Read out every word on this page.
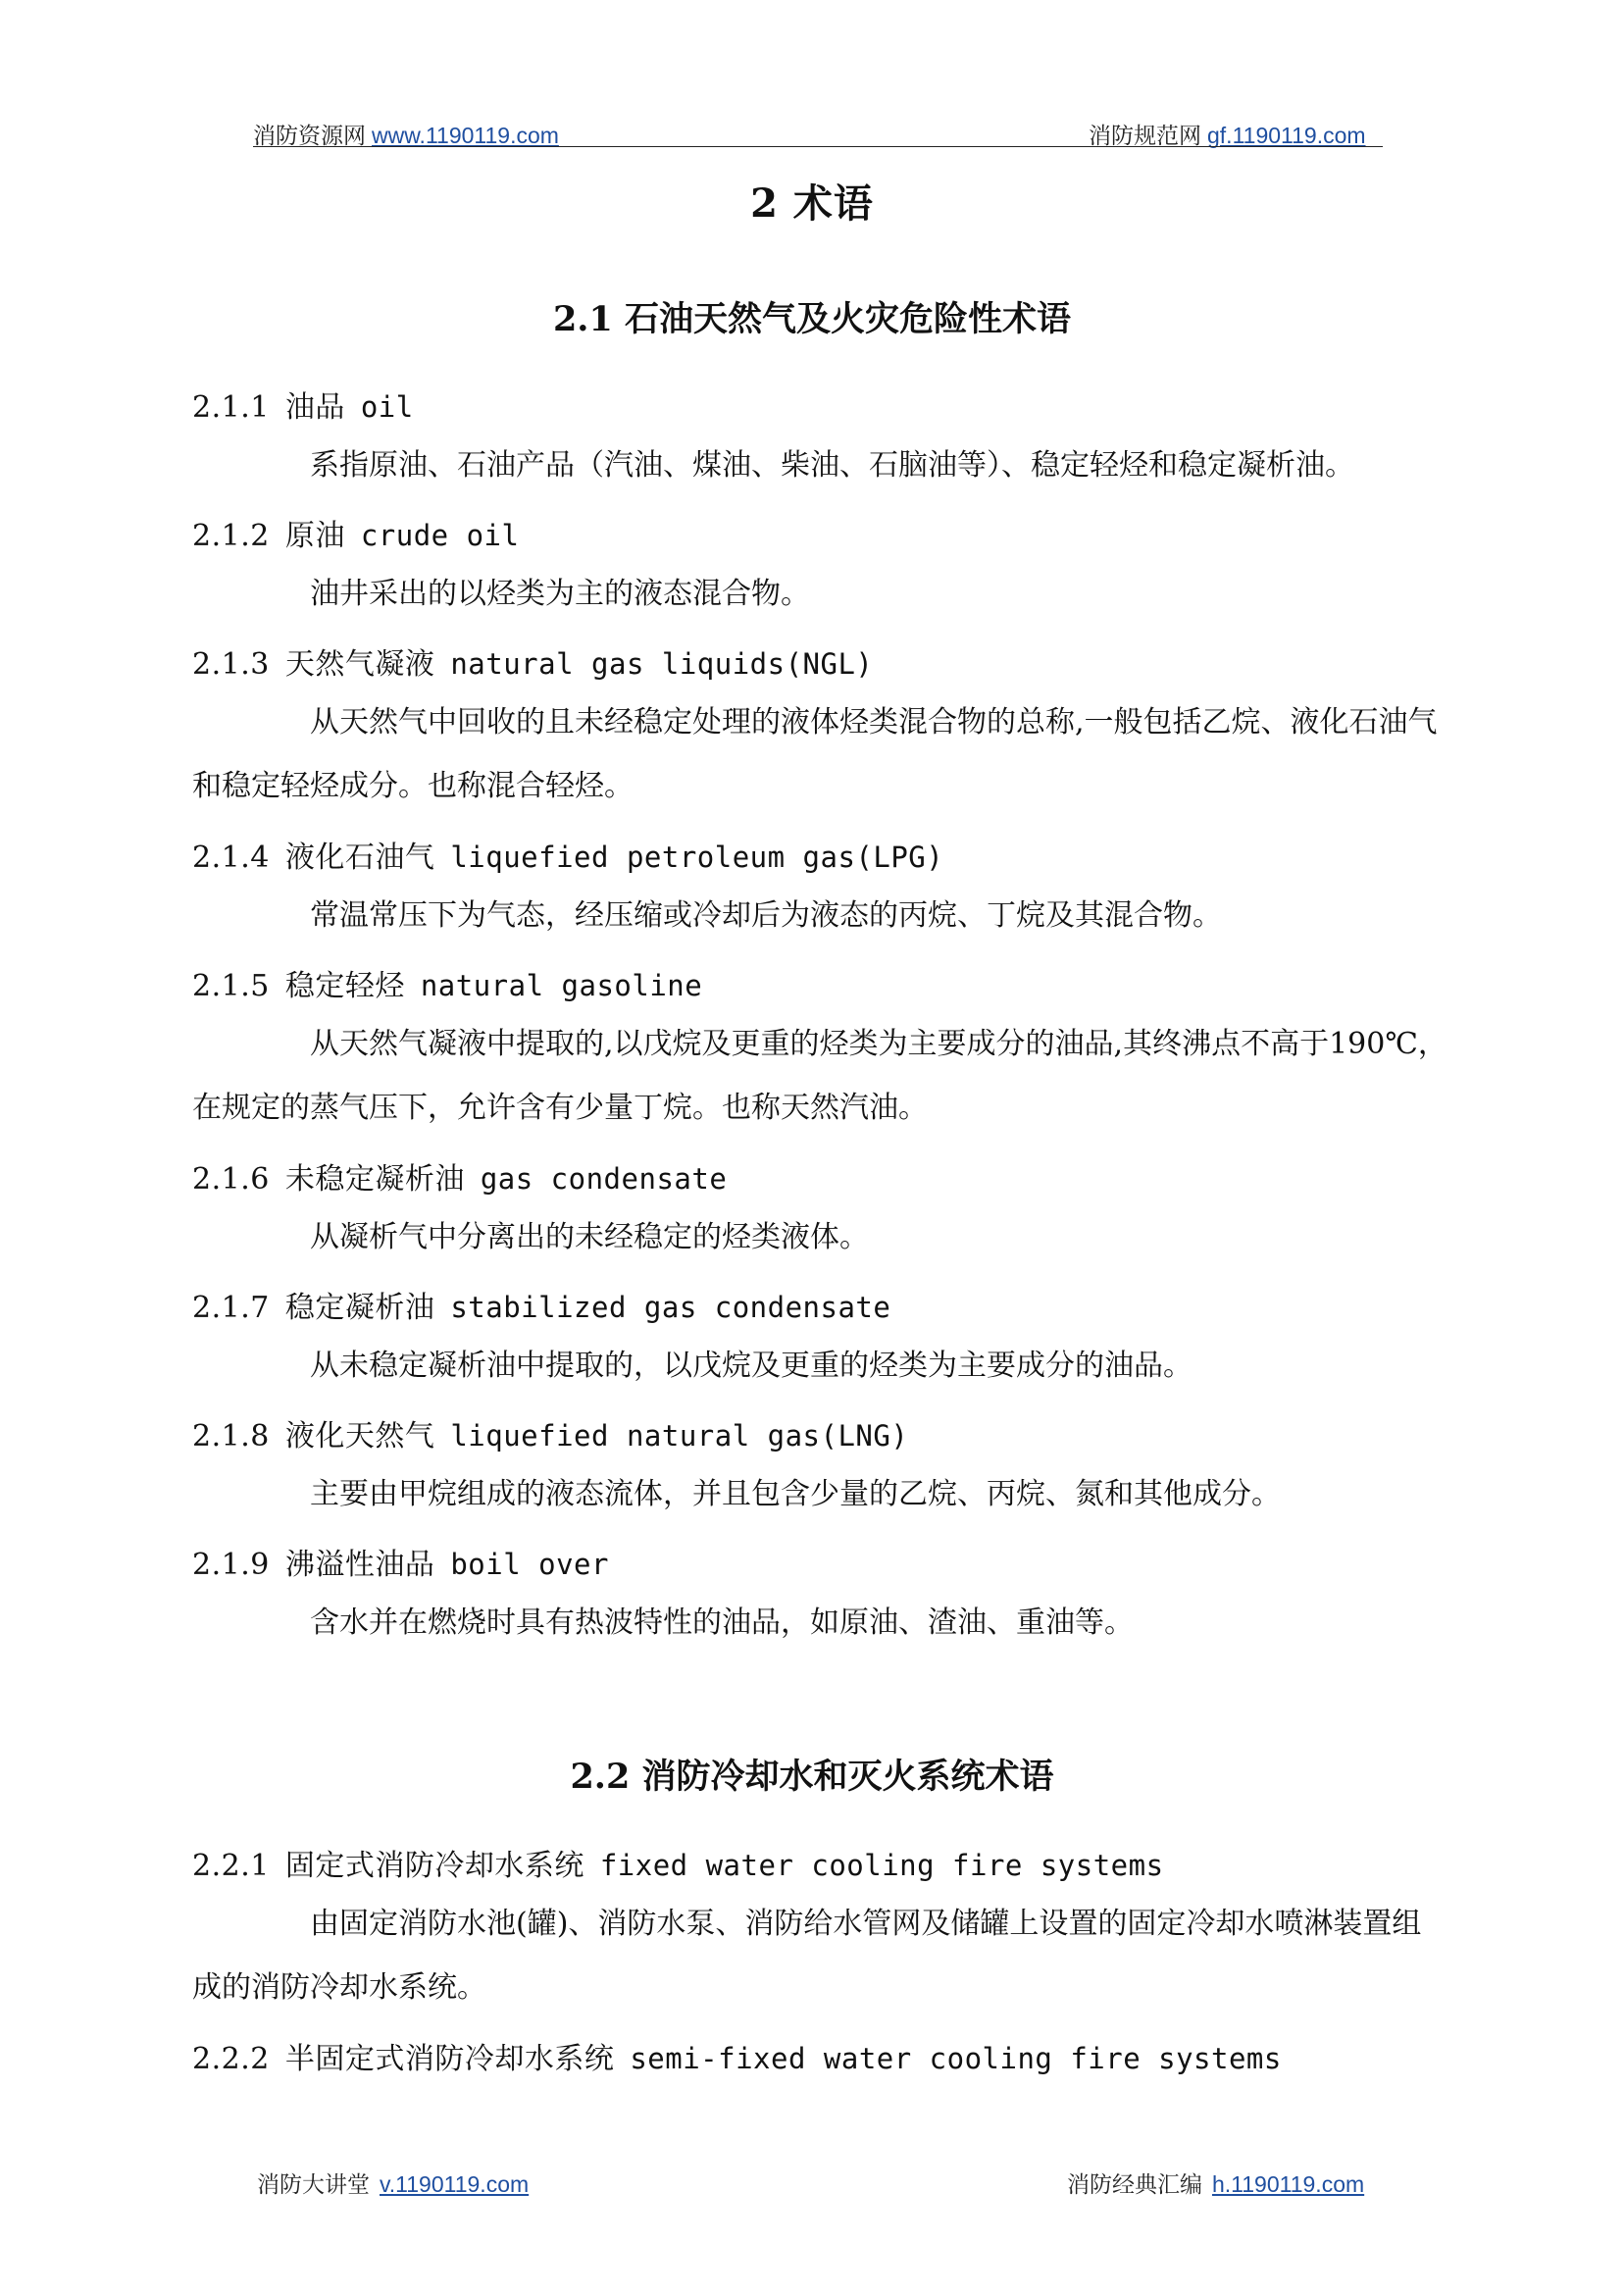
消防资源网 www.1190119.com	消防规范网 gf.1190119.com
2 术语
2.1 石油天然气及火灾危险性术语
2.1.1 油品 oil
系指原油、石油产品（汽油、煤油、柴油、石脑油等）、稳定轻烃和稳定凝析油。
2.1.2 原油 crude oil
油井采出的以烃类为主的液态混合物。
2.1.3 天然气凝液 natural gas liquids(NGL)
从天然气中回收的且未经稳定处理的液体烃类混合物的总称,一般包括乙烷、液化石油气和稳定轻烃成分。也称混合轻烃。
2.1.4 液化石油气 liquefied petroleum gas(LPG)
常温常压下为气态，经压缩或冷却后为液态的丙烷、丁烷及其混合物。
2.1.5 稳定轻烃 natural gasoline
从天然气凝液中提取的,以戊烷及更重的烃类为主要成分的油品,其终沸点不高于190℃，在规定的蒸气压下，允许含有少量丁烷。也称天然汽油。
2.1.6 未稳定凝析油 gas condensate
从凝析气中分离出的未经稳定的烃类液体。
2.1.7 稳定凝析油 stabilized gas condensate
从未稳定凝析油中提取的，以戊烷及更重的烃类为主要成分的油品。
2.1.8 液化天然气 liquefied natural gas(LNG)
主要由甲烷组成的液态流体，并且包含少量的乙烷、丙烷、氮和其他成分。
2.1.9 沸溢性油品 boil over
含水并在燃烧时具有热波特性的油品，如原油、渣油、重油等。
2.2 消防冷却水和灭火系统术语
2.2.1 固定式消防冷却水系统 fixed water cooling fire systems
由固定消防水池(罐)、消防水泵、消防给水管网及储罐上设置的固定冷却水喷淋装置组成的消防冷却水系统。
2.2.2 半固定式消防冷却水系统 semi-fixed water cooling fire systems
消防大讲堂 v.1190119.com	消防经典汇编 h.1190119.com
